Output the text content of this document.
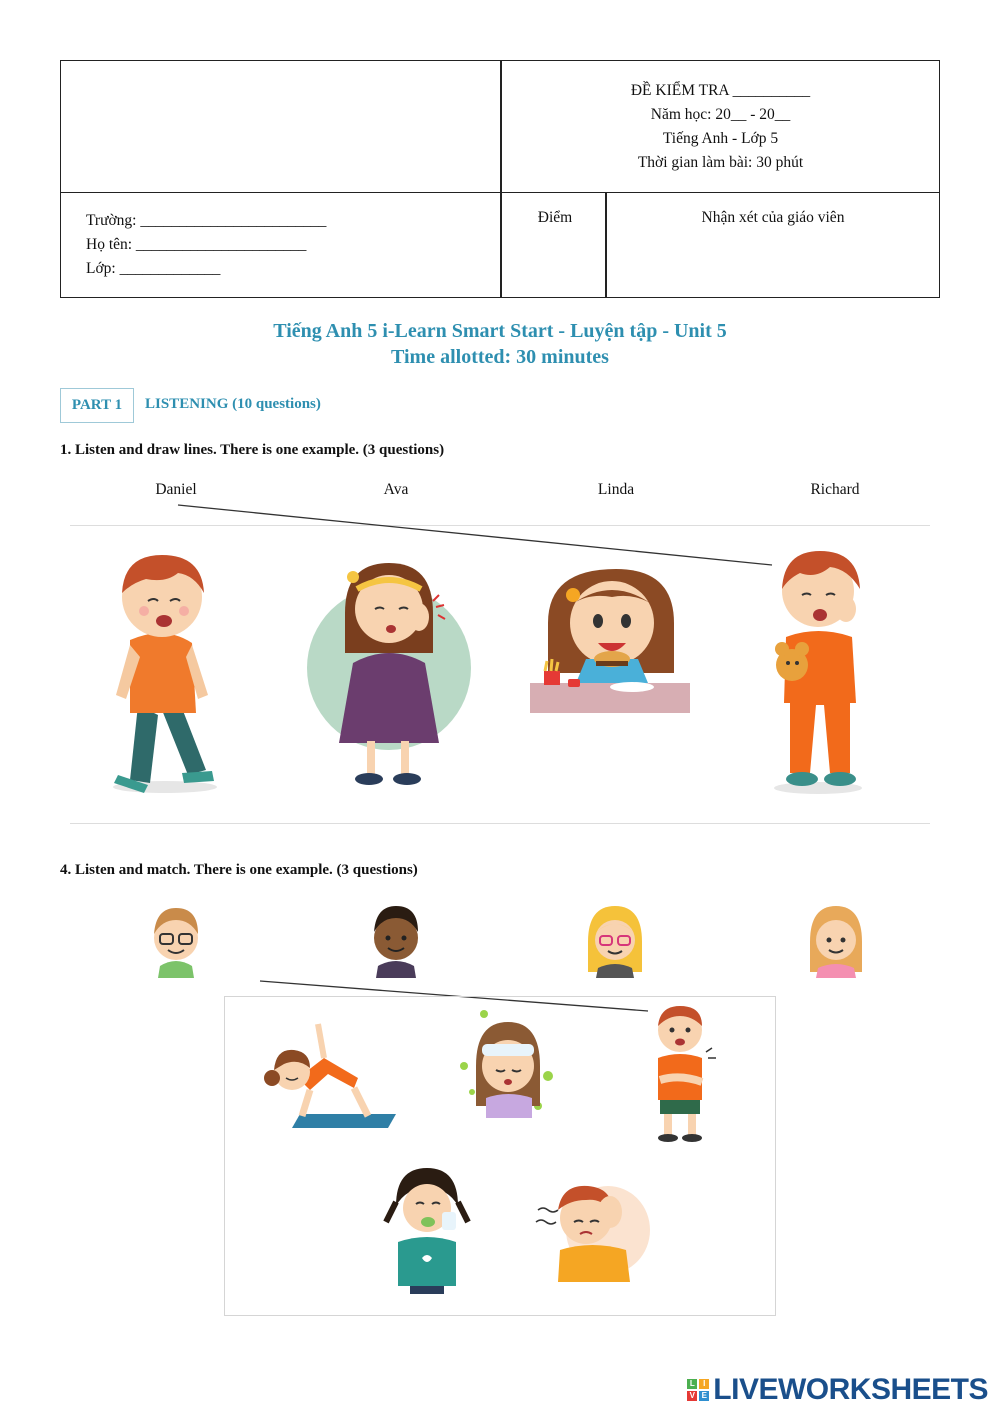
ĐỀ KIỂM TRA __________
Năm học: 20__ - 20__
Tiếng Anh - Lớp 5
Thời gian làm bài: 30 phút
Trường: ________________________
Họ tên: ______________________
Lớp: _____________
Điểm	Nhận xét của giáo viên
Tiếng Anh 5 i-Learn Smart Start - Luyện tập - Unit 5
Time allotted: 30 minutes
PART 1	LISTENING (10 questions)
1. Listen and draw lines. There is one example. (3 questions)
Daniel	Ava	Linda	Richard
4. Listen and match. There is one example. (3 questions)
L	I
V E LIVEWORKSHEETS
